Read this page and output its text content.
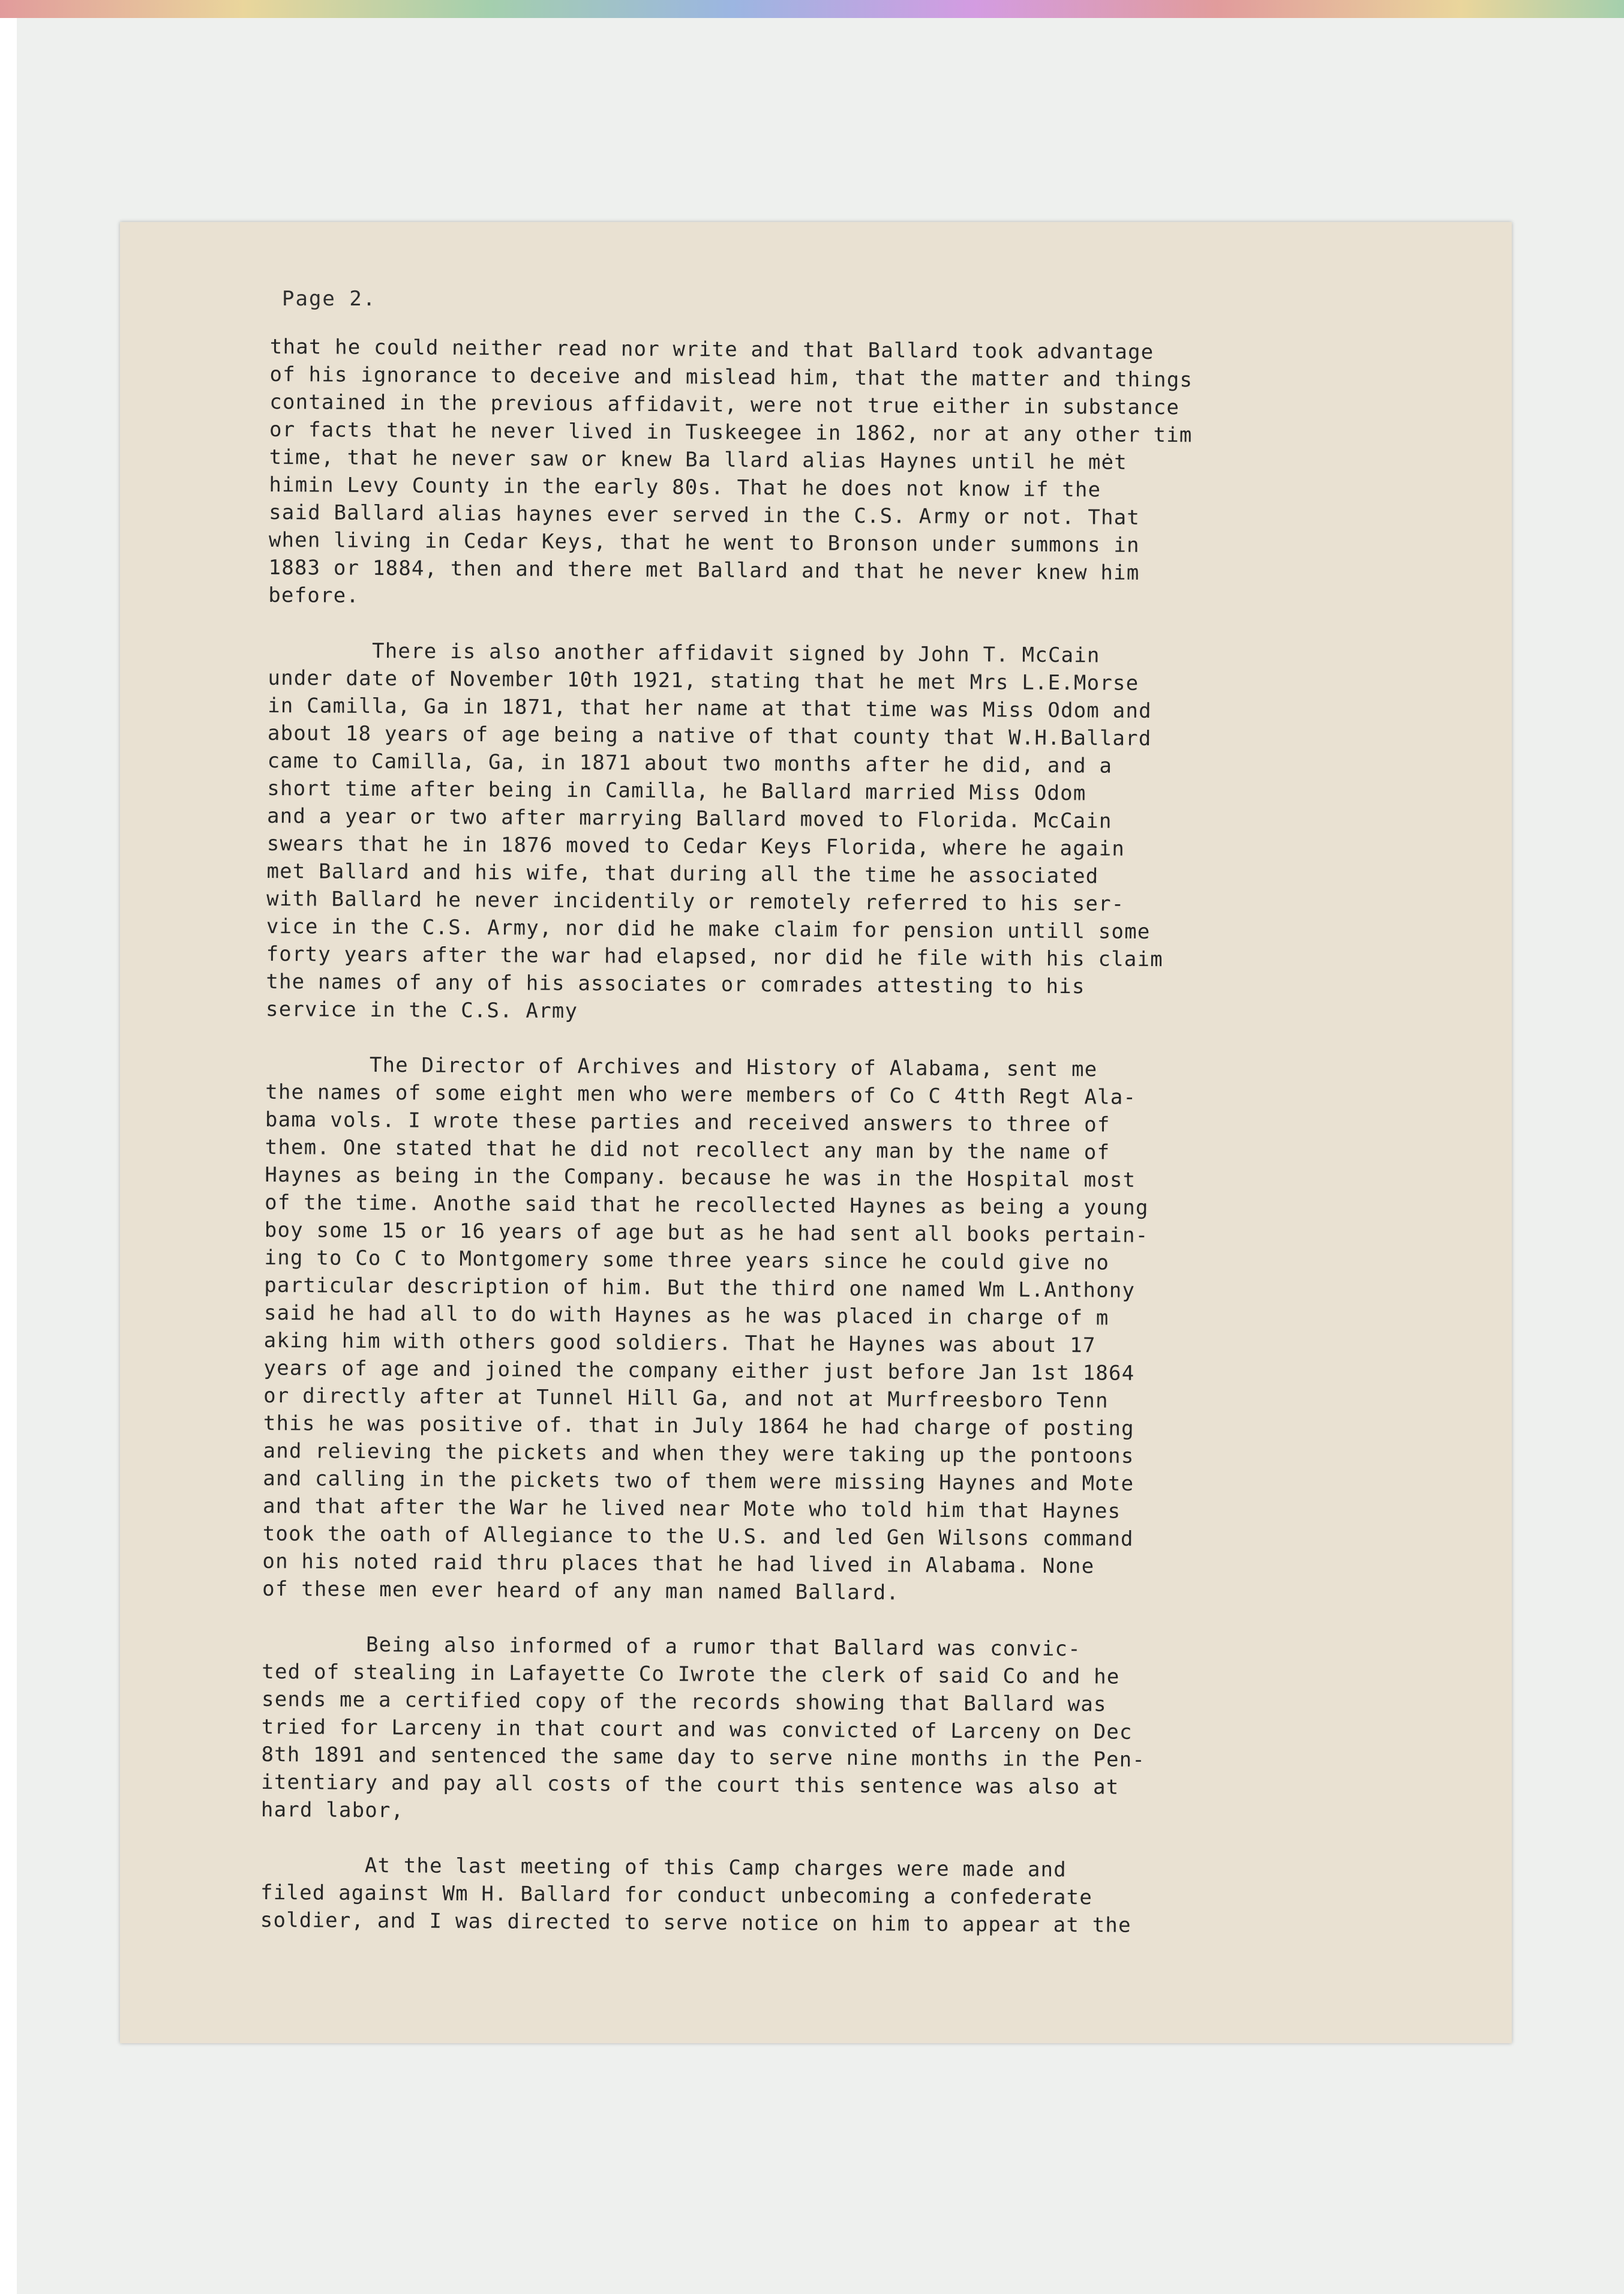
Page 2.

that he could neither read nor write and that Ballard took advantage
of his ignorance to deceive and mislead him, that the matter and things
contained in the previous affidavit, were not true either in substance
or facts that he never lived in Tuskeegee in 1862, nor at any other tim
time, that he never saw or knew Ba llard alias Haynes until he mėt
himin Levy County in the early 80s. That he does not know if the
said Ballard alias haynes ever served in the C.S. Army or not. That
when living in Cedar Keys, that he went to Bronson under summons in
1883 or 1884, then and there met Ballard and that he never knew him
before.

There is also another affidavit signed by John T. McCain
under date of November 10th 1921, stating that he met Mrs L.E.Morse
in Camilla, Ga in 1871, that her name at that time was Miss Odom and
about 18 years of age being a native of that county that W.H.Ballard
came to Camilla, Ga, in 1871 about two months after he did, and a
short time after being in Camilla, he Ballard married Miss Odom
and a year or two after marrying Ballard moved to Florida. McCain
swears that he in 1876 moved to Cedar Keys Florida, where he again
met Ballard and his wife, that during all the time he associated
with Ballard he never incidentily or remotely referred to his ser-
vice in the C.S. Army, nor did he make claim for pension untill some
forty years after the war had elapsed, nor did he file with his claim
the names of any of his associates or comrades attesting to his
service in the C.S. Army

The Director of Archives and History of Alabama, sent me
the names of some eight men who were members of Co C 4tth Regt Ala-
bama vols. I wrote these parties and received answers to three of
them. One stated that he did not recollect any man by the name of
Haynes as being in the Company. because he was in the Hospital most
of the time. Anothe said that he recollected Haynes as being a young
boy some 15 or 16 years of age but as he had sent all books pertain-
ing to Co C to Montgomery some three years since he could give no
particular description of him. But the third one named Wm L.Anthony
said he had all to do with Haynes as he was placed in charge of m
aking him with others good soldiers. That he Haynes was about 17
years of age and joined the company either just before Jan 1st 1864
or directly after at Tunnel Hill Ga, and not at Murfreesboro Tenn
this he was positive of. that in July 1864 he had charge of posting
and relieving the pickets and when they were taking up the pontoons
and calling in the pickets two of them were missing Haynes and Mote
and that after the War he lived near Mote who told him that Haynes
took the oath of Allegiance to the U.S. and led Gen Wilsons command
on his noted raid thru places that he had lived in Alabama. None
of these men ever heard of any man named Ballard.

Being also informed of a rumor that Ballard was convic-
ted of stealing in Lafayette Co Iwrote the clerk of said Co and he
sends me a certified copy of the records showing that Ballard was
tried for Larceny in that court and was convicted of Larceny on Dec
8th 1891 and sentenced the same day to serve nine months in the Pen-
itentiary and pay all costs of the court this sentence was also at
hard labor,

At the last meeting of this Camp charges were made and
filed against Wm H. Ballard for conduct unbecoming a confederate
soldier, and I was directed to serve notice on him to appear at the
